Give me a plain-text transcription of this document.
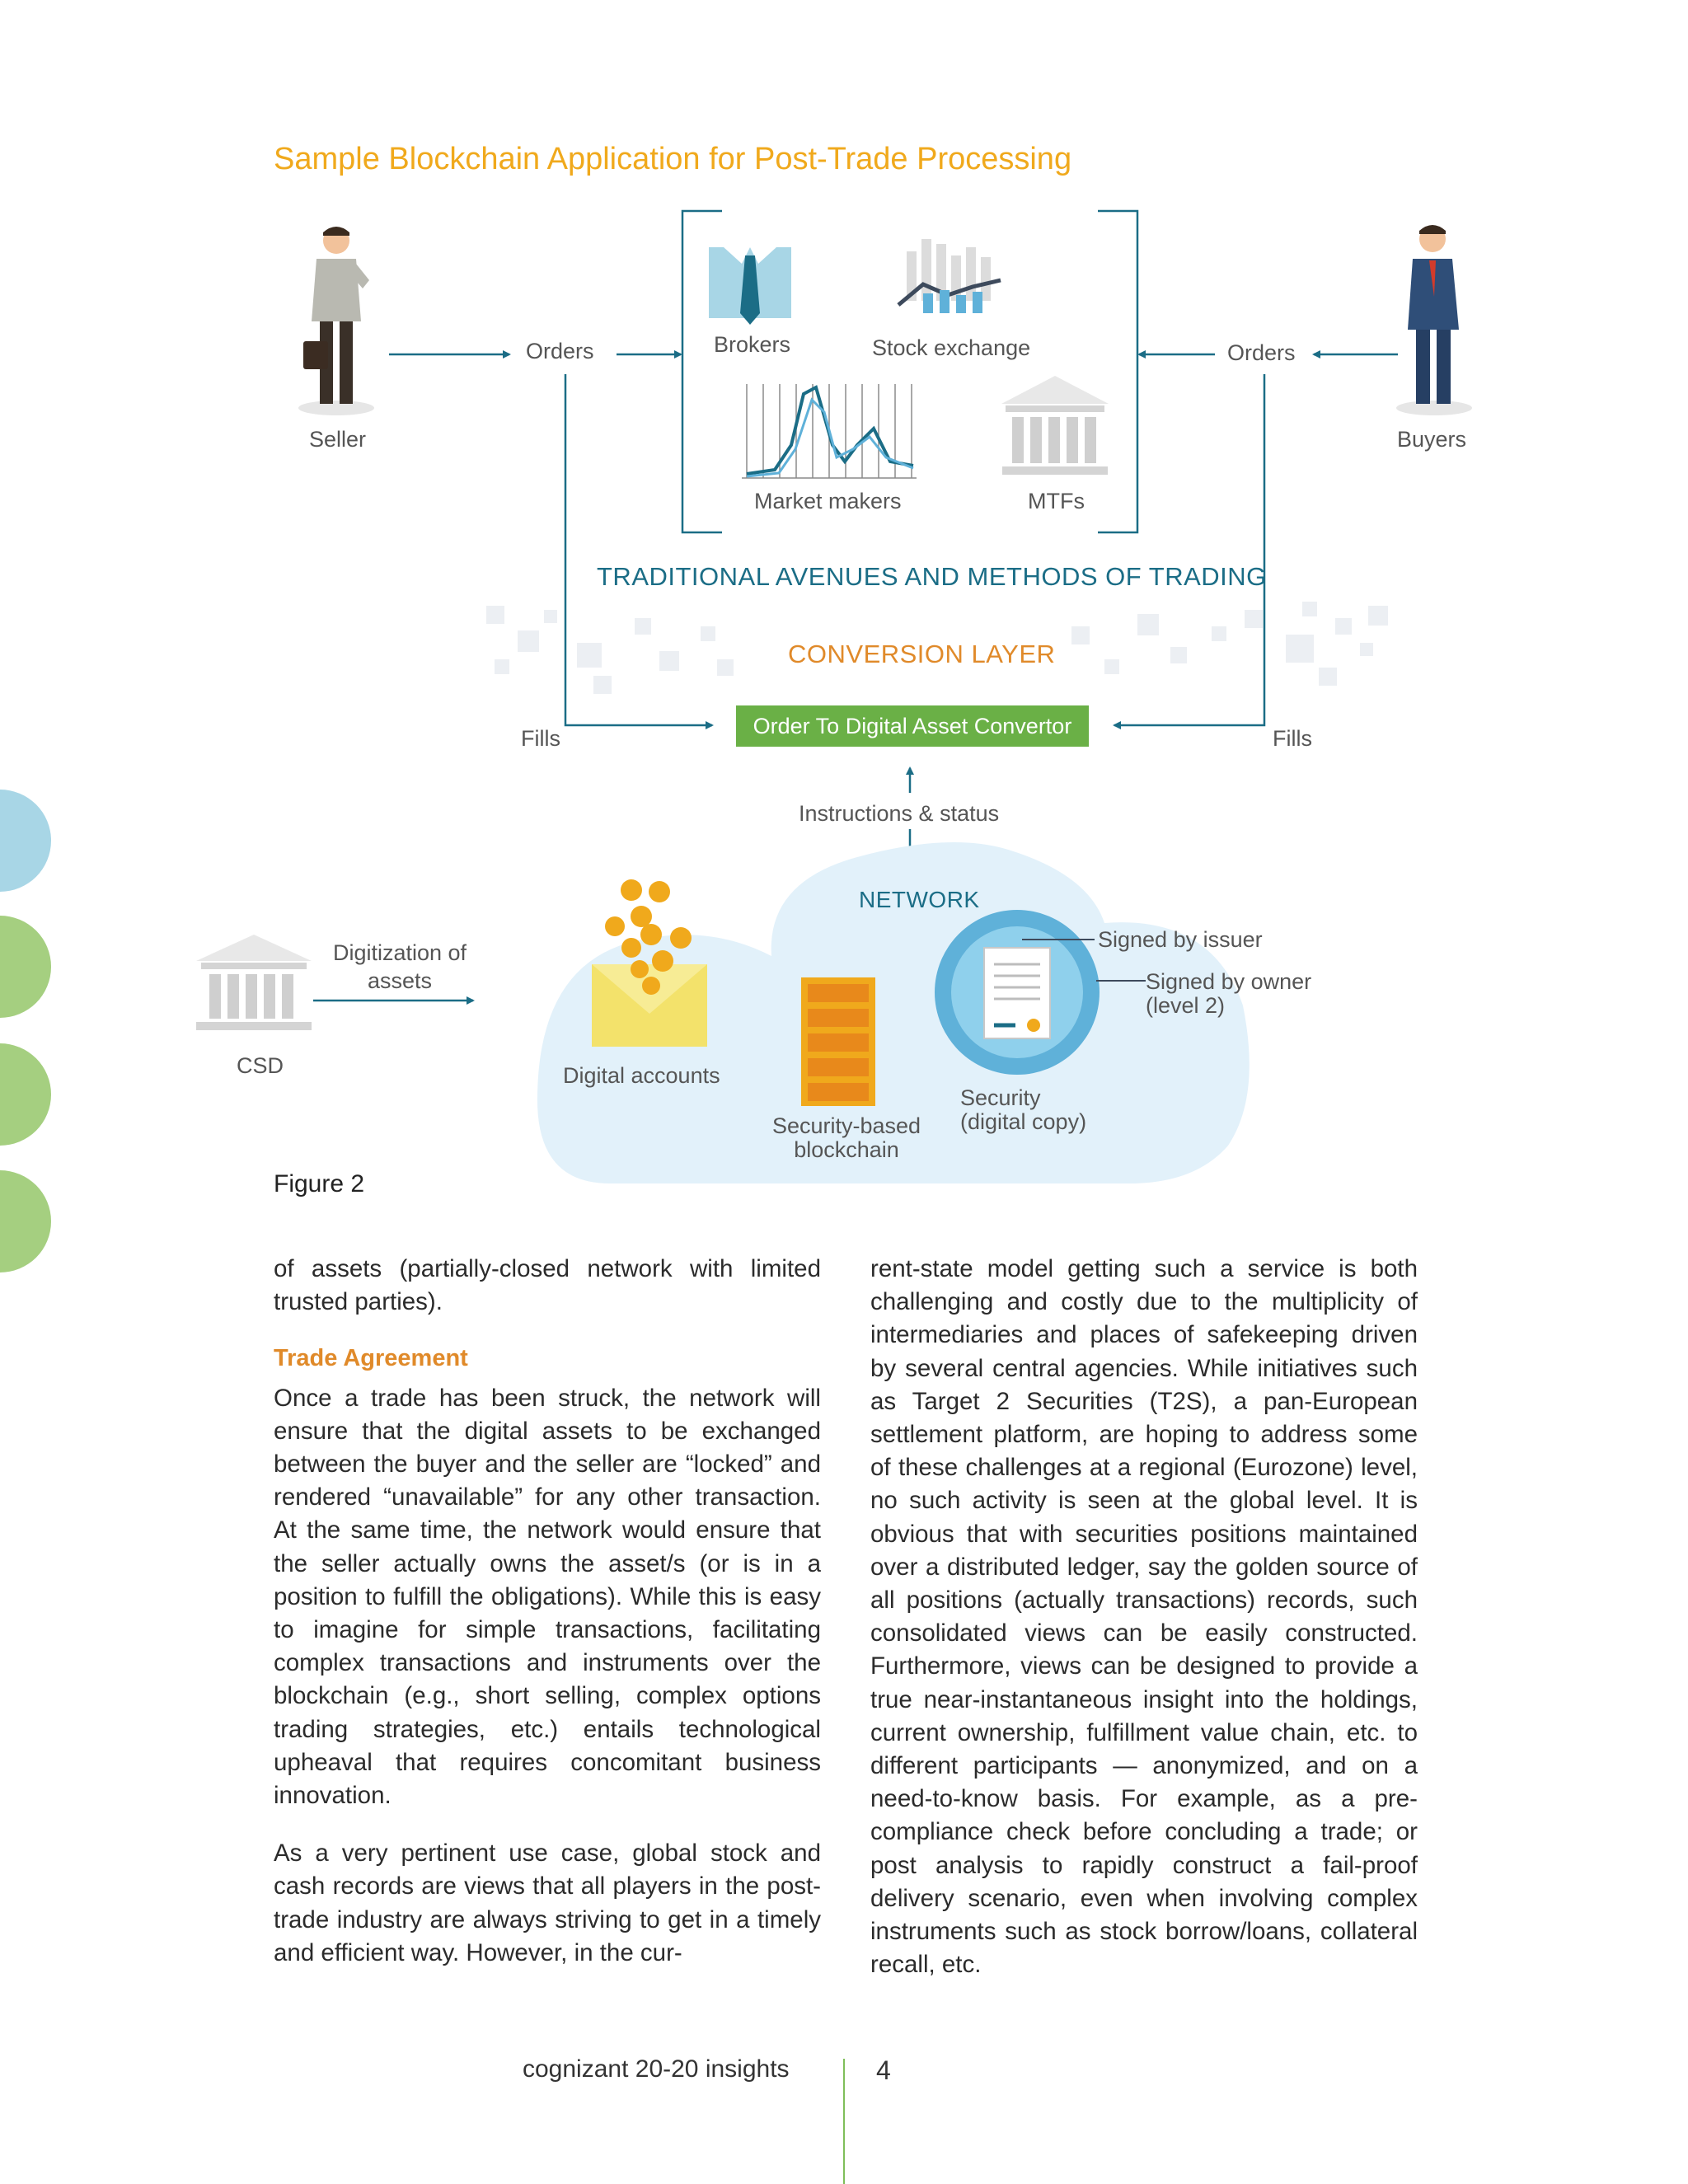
Sample Blockchain Application for Post-Trade Processing
Orders	Orders
Seller	Buyers
Brokers	Stock exchange
Market makers	MTFs
TRADITIONAL AVENUES AND METHODS OF TRADING
CONVERSION LAYER
Order To Digital Asset Convertor
Fills	Fills
Instructions & status
NETWORK
Digitization of assets
CSD	Digital accounts
Security-based blockchain
Security (digital copy)
Signed by issuer
Signed by owner (level 2)
Figure 2

of assets (partially-closed network with limited trusted parties).

Trade Agreement

Once a trade has been struck, the network will ensure that the digital assets to be exchanged between the buyer and the seller are “locked” and rendered “unavailable” for any other transaction. At the same time, the network would ensure that the seller actually owns the asset/s (or is in a position to fulfill the obligations). While this is easy to imagine for simple transactions, facilitating complex transactions and instruments over the blockchain (e.g., short selling, complex options trading strategies, etc.) entails technological upheaval that requires concomitant business innovation.

As a very pertinent use case, global stock and cash records are views that all players in the post-trade industry are always striving to get in a timely and efficient way. However, in the cur-

rent-state model getting such a service is both challenging and costly due to the multiplicity of intermediaries and places of safekeeping driven by several central agencies. While initiatives such as Target 2 Securities (T2S), a pan-European settlement platform, are hoping to address some of these challenges at a regional (Eurozone) level, no such activity is seen at the global level. It is obvious that with securities positions maintained over a distributed ledger, say the golden source of all positions (actually transactions) records, such consolidated views can be easily constructed. Furthermore, views can be designed to provide a true near-instantaneous insight into the holdings, current ownership, fulfillment value chain, etc. to different participants — anonymized, and on a need-to-know basis. For example, as a pre-compliance check before concluding a trade; or post analysis to rapidly construct a fail-proof delivery scenario, even when involving complex instruments such as stock borrow/loans, collateral recall, etc.

cognizant 20-20 insights	4
